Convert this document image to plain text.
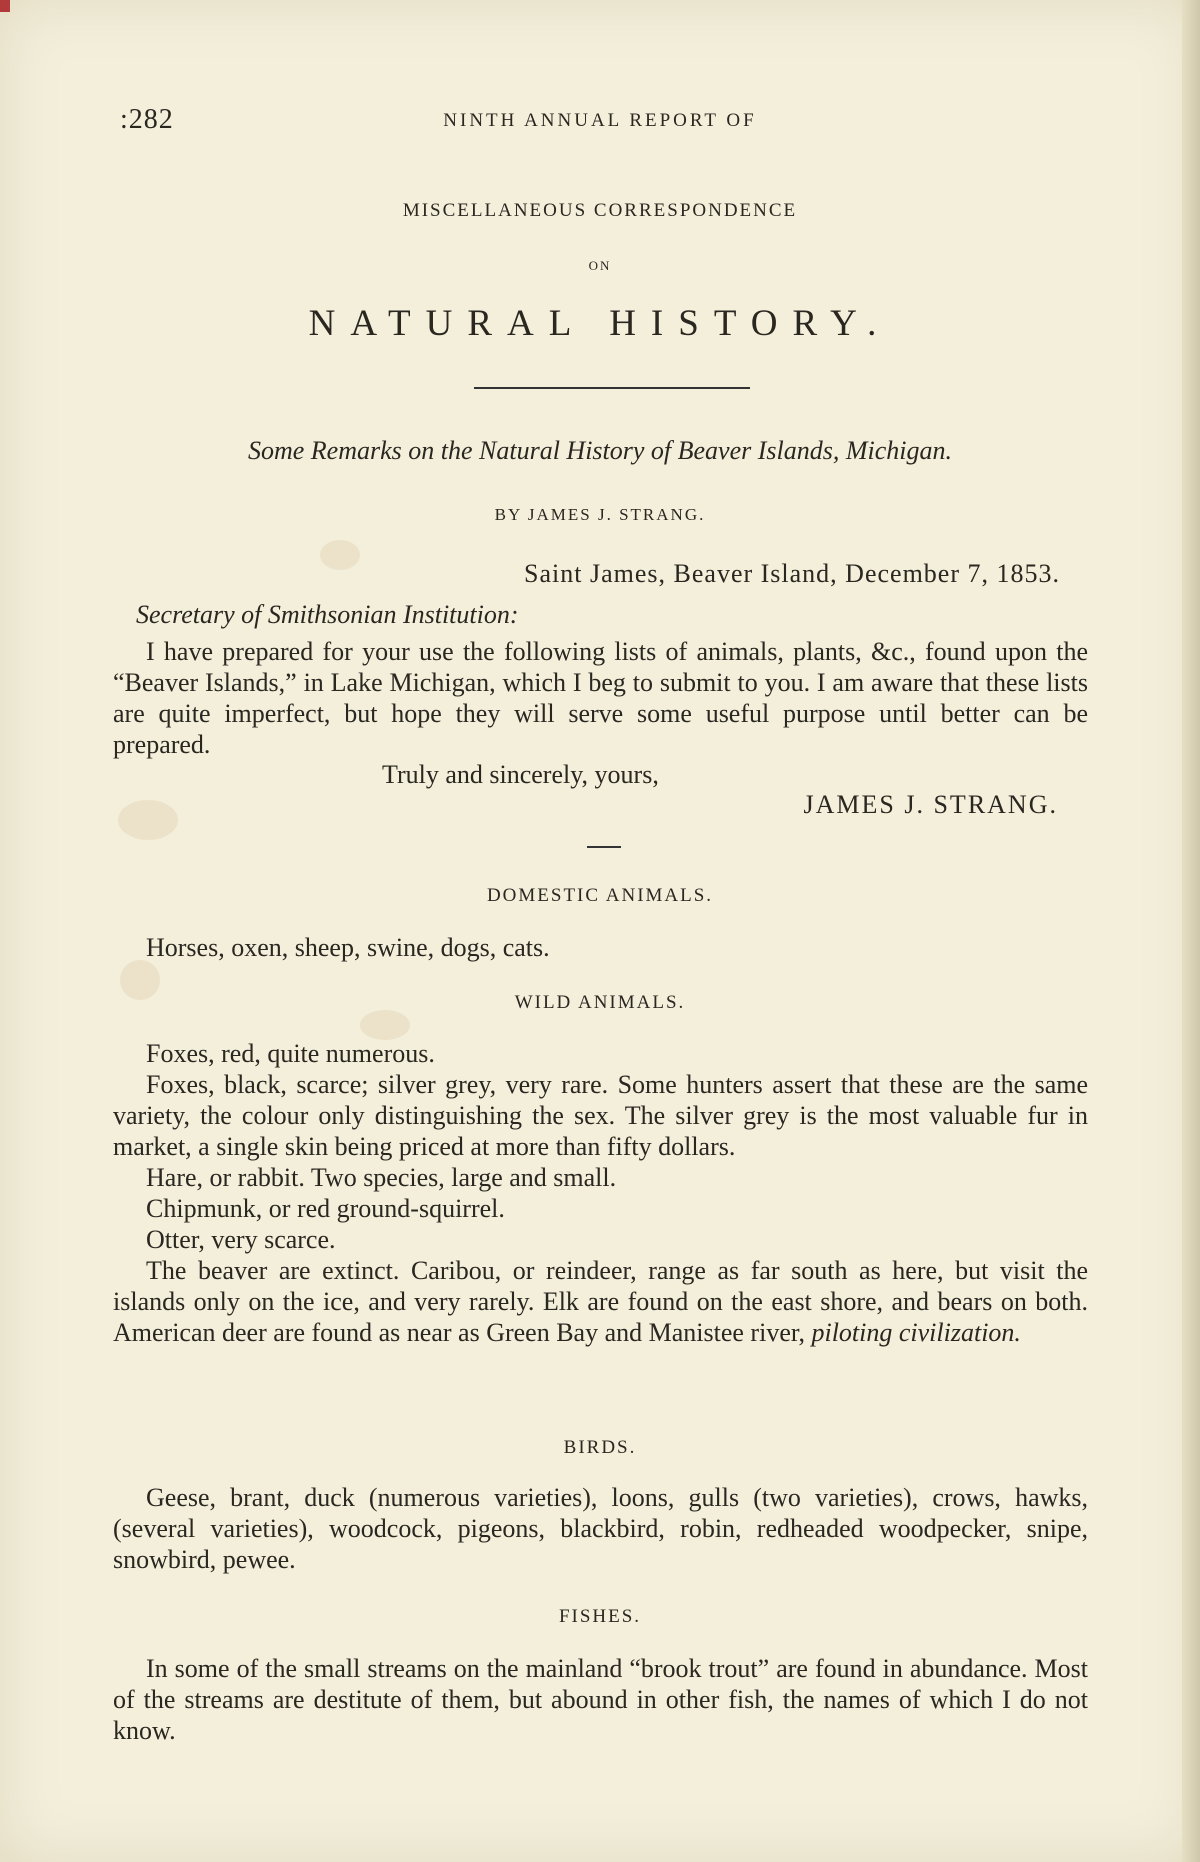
:282	NINTH ANNUAL REPORT OF
MISCELLANEOUS CORRESPONDENCE
ON
NATURAL HISTORY.
Some Remarks on the Natural History of Beaver Islands, Michigan.
BY JAMES J. STRANG.
Saint James, Beaver Island, December 7, 1853.
Secretary of Smithsonian Institution:

I have prepared for your use the following lists of animals, plants, &c., found upon the “Beaver Islands,” in Lake Michigan, which I beg to submit to you. I am aware that these lists are quite imperfect, but hope they will serve some useful purpose until better can be prepared.

Truly and sincerely, yours,
JAMES J. STRANG.
DOMESTIC ANIMALS.

Horses, oxen, sheep, swine, dogs, cats.

WILD ANIMALS.

Foxes, red, quite numerous.

Foxes, black, scarce; silver grey, very rare. Some hunters assert that these are the same variety, the colour only distinguishing the sex. The silver grey is the most valuable fur in market, a single skin being priced at more than fifty dollars.

Hare, or rabbit. Two species, large and small.

Chipmunk, or red ground-squirrel.

Otter, very scarce.

The beaver are extinct. Caribou, or reindeer, range as far south as here, but visit the islands only on the ice, and very rarely. Elk are found on the east shore, and bears on both. American deer are found as near as Green Bay and Manistee river, piloting civilization.

BIRDS.

Geese, brant, duck (numerous varieties), loons, gulls (two varieties), crows, hawks, (several varieties), woodcock, pigeons, blackbird, robin, redheaded woodpecker, snipe, snowbird, pewee.

FISHES.

In some of the small streams on the mainland “brook trout” are found in abundance. Most of the streams are destitute of them, but abound in other fish, the names of which I do not know.
